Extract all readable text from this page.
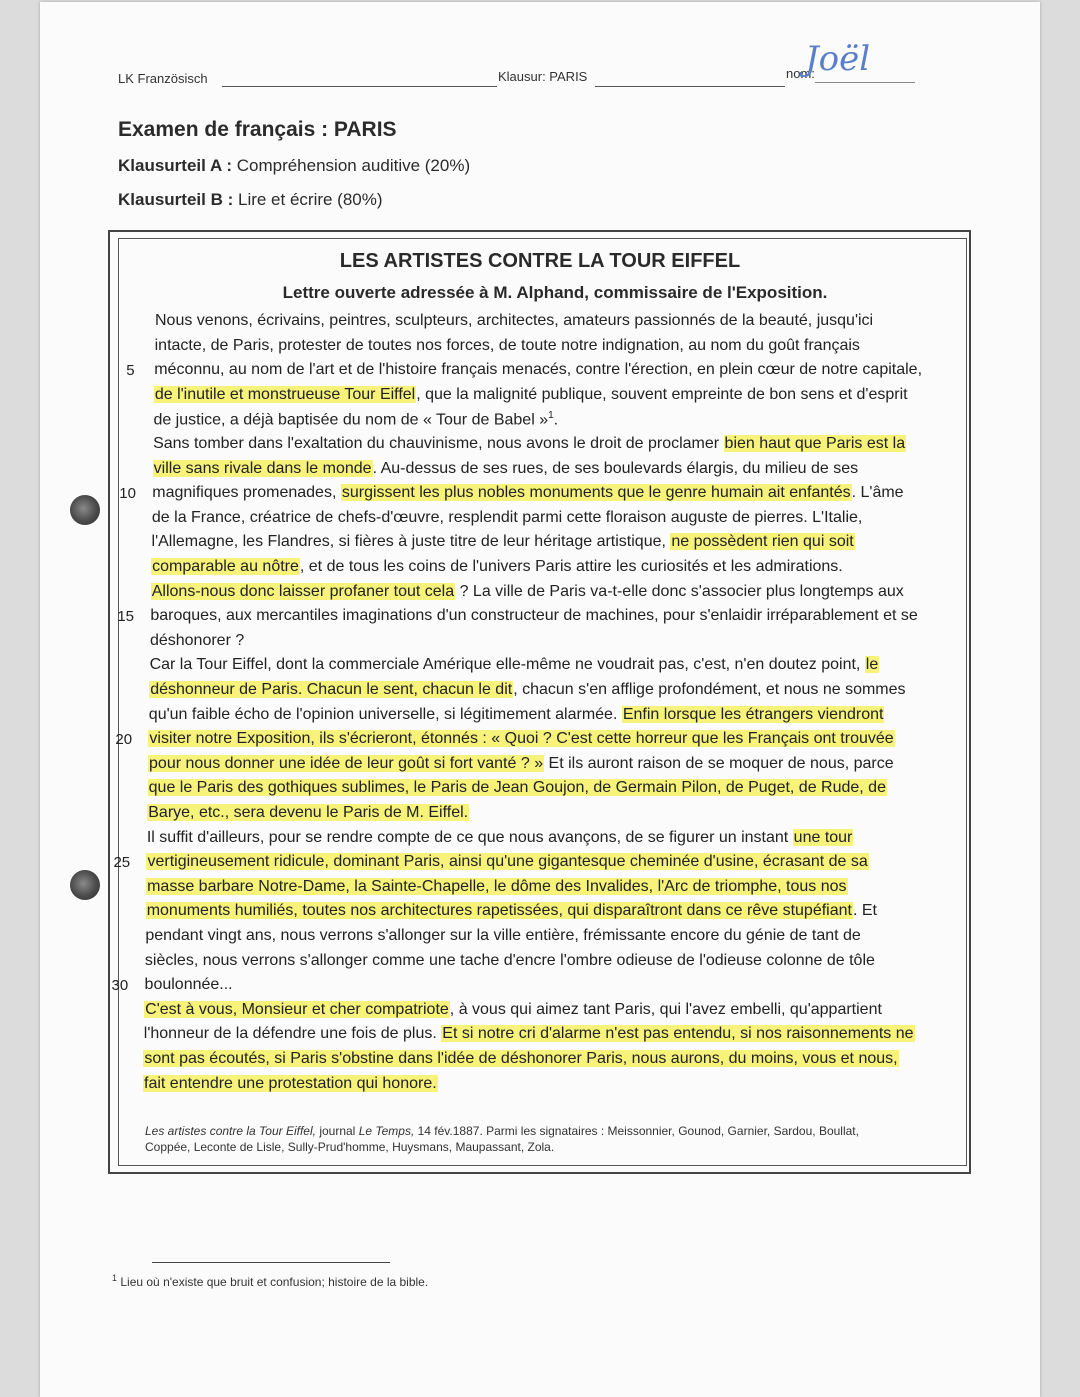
LK Französisch	Klausur: PARIS	nom:
Joël
Examen de français : PARIS
Klausurteil A : Compréhension auditive (20%)
Klausurteil B : Lire et écrire (80%)
LES ARTISTES CONTRE LA TOUR EIFFEL
Lettre ouverte adressée à M. Alphand, commissaire de l'Exposition.
Nous venons, écrivains, peintres, sculpteurs, architectes, amateurs passionnés de la beauté, jusqu'ici
intacte, de Paris, protester de toutes nos forces, de toute notre indignation, au nom du goût français
méconnu, au nom de l'art et de l'histoire français menacés, contre l'érection, en plein cœur de notre capitale,
de l'inutile et monstrueuse Tour Eiffel, que la malignité publique, souvent empreinte de bon sens et d'esprit
de justice, a déjà baptisée du nom de « Tour de Babel »$^1$.
Sans tomber dans l'exaltation du chauvinisme, nous avons le droit de proclamer bien haut que Paris est la
ville sans rivale dans le monde. Au-dessus de ses rues, de ses boulevards élargis, du milieu de ses
magnifiques promenades, surgissent les plus nobles monuments que le genre humain ait enfantés. L'âme
de la France, créatrice de chefs-d'œuvre, resplendit parmi cette floraison auguste de pierres. L'Italie,
l'Allemagne, les Flandres, si fières à juste titre de leur héritage artistique, ne possèdent rien qui soit
comparable au nôtre, et de tous les coins de l'univers Paris attire les curiosités et les admirations.
Allons-nous donc laisser profaner tout cela ? La ville de Paris va-t-elle donc s'associer plus longtemps aux
baroques, aux mercantiles imaginations d'un constructeur de machines, pour s'enlaidir irréparablement et se
déshonorer ?
Car la Tour Eiffel, dont la commerciale Amérique elle-même ne voudrait pas, c'est, n'en doutez point, le
déshonneur de Paris. Chacun le sent, chacun le dit, chacun s'en afflige profondément, et nous ne sommes
qu'un faible écho de l'opinion universelle, si légitimement alarmée. Enfin lorsque les étrangers viendront
visiter notre Exposition, ils s'écrieront, étonnés : « Quoi ? C'est cette horreur que les Français ont trouvée
pour nous donner une idée de leur goût si fort vanté ? » Et ils auront raison de se moquer de nous, parce
que le Paris des gothiques sublimes, le Paris de Jean Goujon, de Germain Pilon, de Puget, de Rude, de
Barye, etc., sera devenu le Paris de M. Eiffel.
Il suffit d'ailleurs, pour se rendre compte de ce que nous avançons, de se figurer un instant une tour
vertigineusement ridicule, dominant Paris, ainsi qu'une gigantesque cheminée d'usine, écrasant de sa
masse barbare Notre-Dame, la Sainte-Chapelle, le dôme des Invalides, l'Arc de triomphe, tous nos
monuments humiliés, toutes nos architectures rapetissées, qui disparaîtront dans ce rêve stupéfiant. Et
pendant vingt ans, nous verrons s'allonger sur la ville entière, frémissante encore du génie de tant de
siècles, nous verrons s'allonger comme une tache d'encre l'ombre odieuse de l'odieuse colonne de tôle
boulonnée...
C'est à vous, Monsieur et cher compatriote, à vous qui aimez tant Paris, qui l'avez embelli, qu'appartient
l'honneur de la défendre une fois de plus. Et si notre cri d'alarme n'est pas entendu, si nos raisonnements ne
sont pas écoutés, si Paris s'obstine dans l'idée de déshonorer Paris, nous aurons, du moins, vous et nous,
fait entendre une protestation qui honore.
5
10
15
20
25
30
Les artistes contre la Tour Eiffel, journal Le Temps, 14 fév.1887. Parmi les signataires : Meissonnier, Gounod, Garnier, Sardou, Boullat,
Coppée, Leconte de Lisle, Sully-Prud'homme, Huysmans, Maupassant, Zola.
$^1$ Lieu où n'existe que bruit et confusion; histoire de la bible.
